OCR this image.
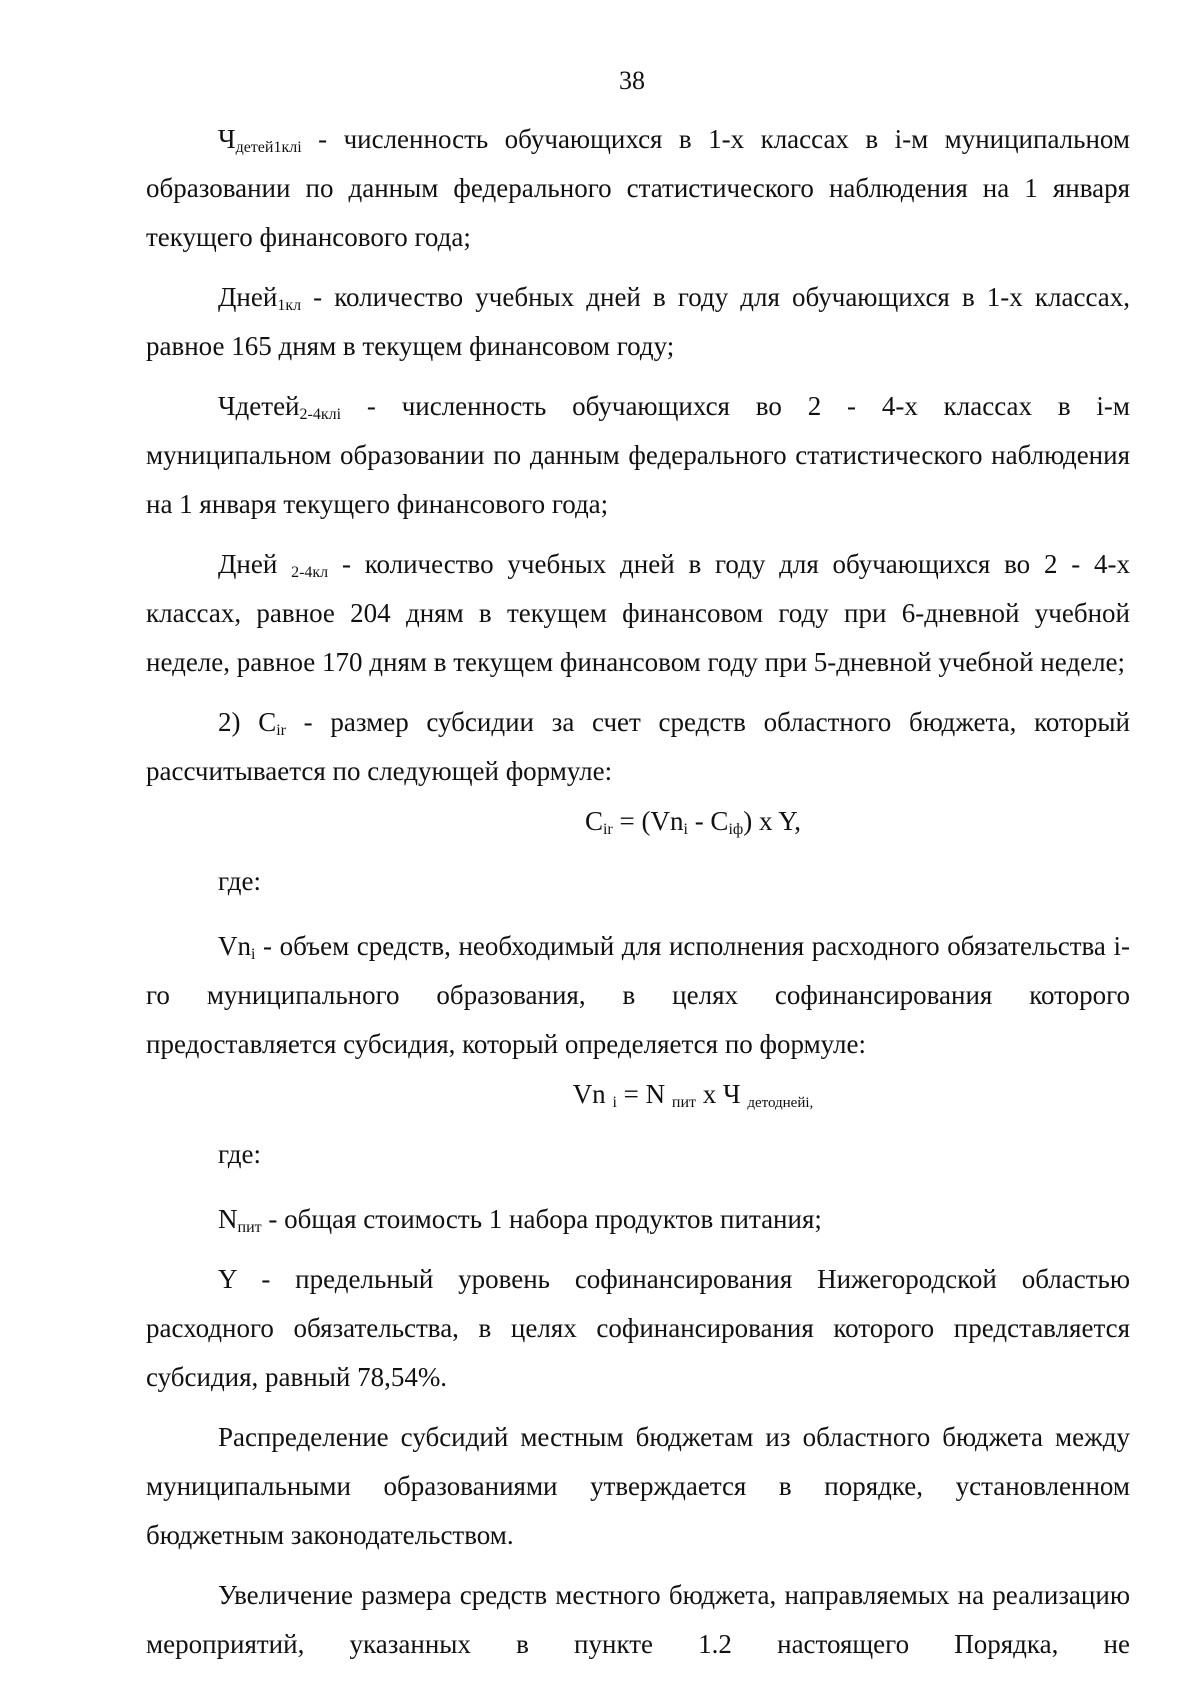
38

$Ч_{детей1клi}$ - численность обучающихся в 1-х классах в i-м муниципальном образовании по данным федерального статистического наблюдения на 1 января текущего финансового года;

Дней$_{1кл}$ - количество учебных дней в году для обучающихся в 1-х классах, равное 165 дням в текущем финансовом году;

Чдетей$_{2-4клi}$ - численность обучающихся во 2 - 4-х классах в i-м муниципальном образовании по данным федерального статистического наблюдения на 1 января текущего финансового года;

Дней $_{2-4кл}$ - количество учебных дней в году для обучающихся во 2 - 4-х классах, равное 204 дням в текущем финансовом году при 6-дневной учебной неделе, равное 170 дням в текущем финансовом году при 5-дневной учебной неделе;

2) $C_{ir}$ - размер субсидии за счет средств областного бюджета, который рассчитывается по следующей формуле:

$C_{ir} = (Vn_i - C_{iф})$ x Y,

где:

$Vn_i$ - объем средств, необходимый для исполнения расходного обязательства i-го муниципального образования, в целях софинансирования которого предоставляется субсидия, который определяется по формуле:

Vn $_i$ = N $_{пит}$ x Ч $_{детоднейi,}$

где:

$N_{пит}$ - общая стоимость 1 набора продуктов питания;

Y - предельный уровень софинансирования Нижегородской областью расходного обязательства, в целях софинансирования которого представляется субсидия, равный 78,54%.

Распределение субсидий местным бюджетам из областного бюджета между муниципальными образованиями утверждается в порядке, установленном бюджетным законодательством.

Увеличение размера средств местного бюджета, направляемых на реализацию мероприятий, указанных в пункте 1.2 настоящего Порядка, не
